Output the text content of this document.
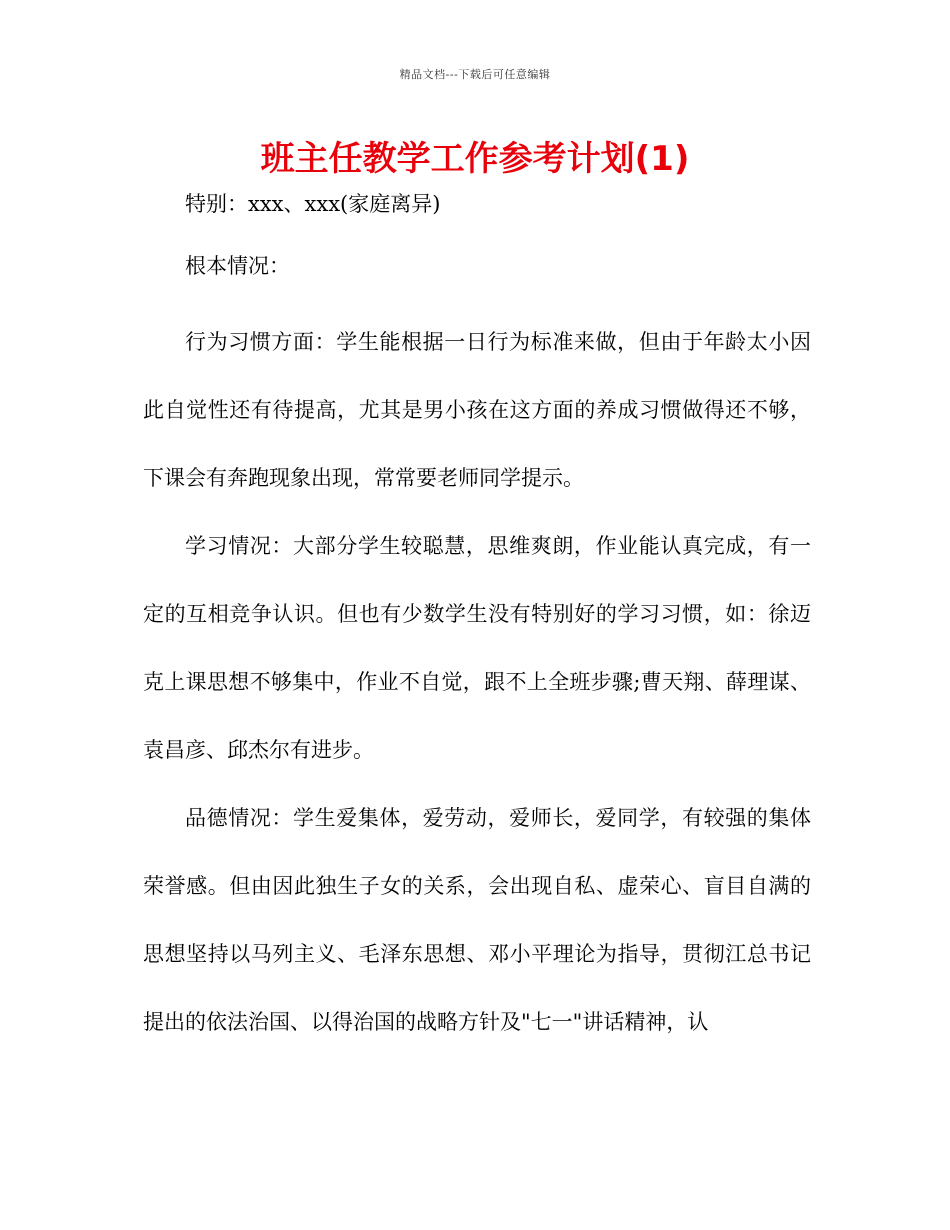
精品文档---下载后可任意编辑
班主任教学工作参考计划(1)

特别：xxx、xxx(家庭离异)

根本情况：

行为习惯方面：学生能根据一日行为标准来做，但由于年龄太小因此自觉性还有待提高，尤其是男小孩在这方面的养成习惯做得还不够，下课会有奔跑现象出现，常常要老师同学提示。

学习情况：大部分学生较聪慧，思维爽朗，作业能认真完成，有一定的互相竞争认识。但也有少数学生没有特别好的学习习惯，如：徐迈克上课思想不够集中，作业不自觉，跟不上全班步骤;曹天翔、薛理谋、袁昌彦、邱杰尔有进步。

品德情况：学生爱集体，爱劳动，爱师长，爱同学，有较强的集体荣誉感。但由因此独生子女的关系，会出现自私、虚荣心、盲目自满的思想坚持以马列主义、毛泽东思想、邓小平理论为指导，贯彻江总书记提出的依法治国、以得治国的战略方针及"七一"讲话精神，认
